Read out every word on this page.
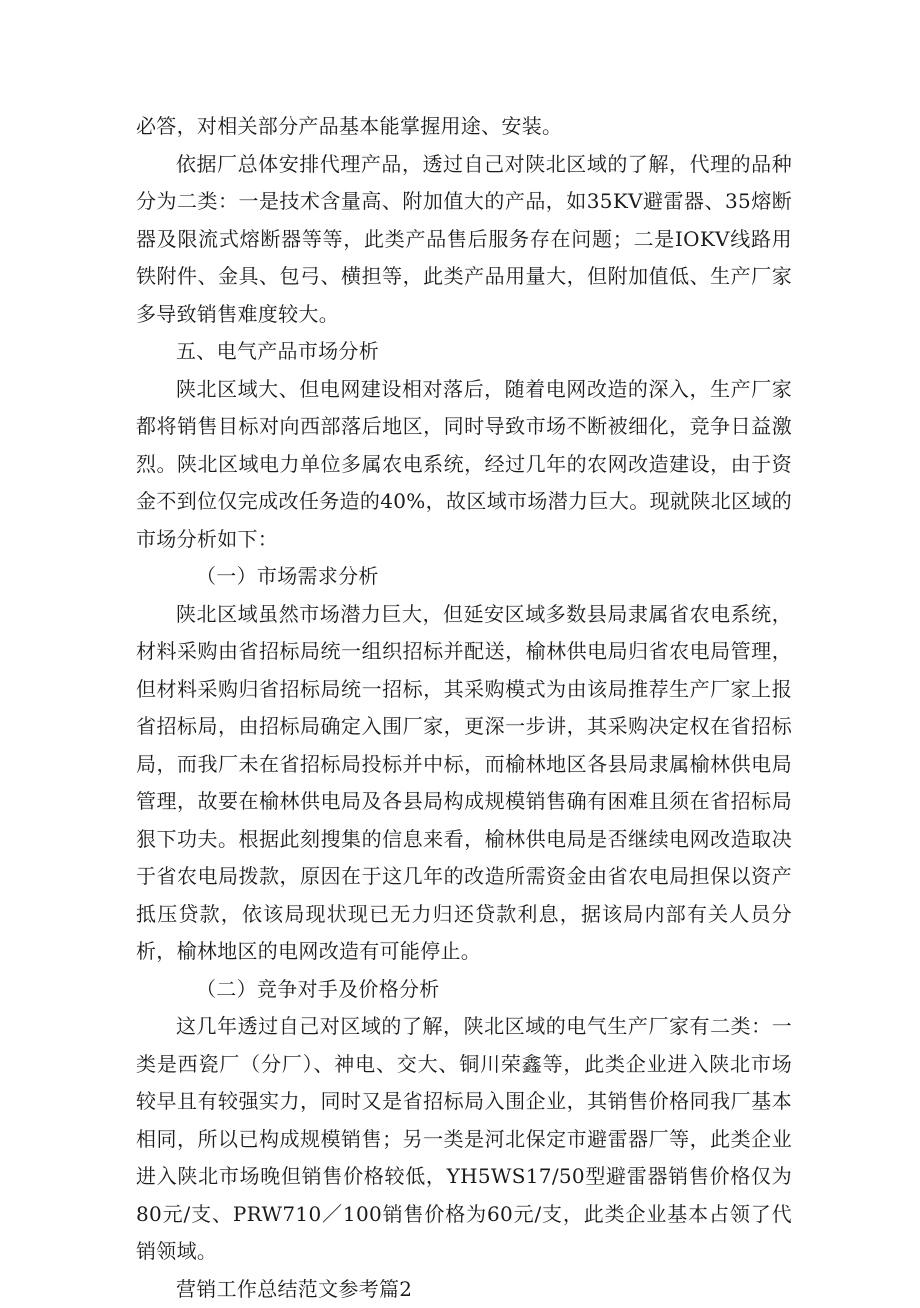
必答，对相关部分产品基本能掌握用途、安装。

依据厂总体安排代理产品，透过自己对陕北区域的了解，代理的品种分为二类：一是技术含量高、附加值大的产品，如35KV避雷器、35熔断器及限流式熔断器等等，此类产品售后服务存在问题；二是IOKV线路用铁附件、金具、包弓、横担等，此类产品用量大，但附加值低、生产厂家多导致销售难度较大。

五、电气产品市场分析

陕北区域大、但电网建设相对落后，随着电网改造的深入，生产厂家都将销售目标对向西部落后地区，同时导致市场不断被细化，竞争日益激烈。陕北区域电力单位多属农电系统，经过几年的农网改造建设，由于资金不到位仅完成改任务造的40%，故区域市场潜力巨大。现就陕北区域的市场分析如下：

（一）市场需求分析

陕北区域虽然市场潜力巨大，但延安区域多数县局隶属省农电系统，材料采购由省招标局统一组织招标并配送，榆林供电局归省农电局管理，但材料采购归省招标局统一招标，其采购模式为由该局推荐生产厂家上报省招标局，由招标局确定入围厂家，更深一步讲，其采购决定权在省招标局，而我厂未在省招标局投标并中标，而榆林地区各县局隶属榆林供电局管理，故要在榆林供电局及各县局构成规模销售确有困难且须在省招标局狠下功夫。根据此刻搜集的信息来看，榆林供电局是否继续电网改造取决于省农电局拨款，原因在于这几年的改造所需资金由省农电局担保以资产抵压贷款，依该局现状现已无力归还贷款利息，据该局内部有关人员分析，榆林地区的电网改造有可能停止。

（二）竞争对手及价格分析

这几年透过自己对区域的了解，陕北区域的电气生产厂家有二类：一类是西瓷厂（分厂）、神电、交大、铜川荣鑫等，此类企业进入陕北市场较早且有较强实力，同时又是省招标局入围企业，其销售价格同我厂基本相同，所以已构成规模销售；另一类是河北保定市避雷器厂等，此类企业进入陕北市场晚但销售价格较低，YH5WS17/50型避雷器销售价格仅为80元/支、PRW710／100销售价格为60元/支，此类企业基本占领了代销领域。

营销工作总结范文参考篇2
